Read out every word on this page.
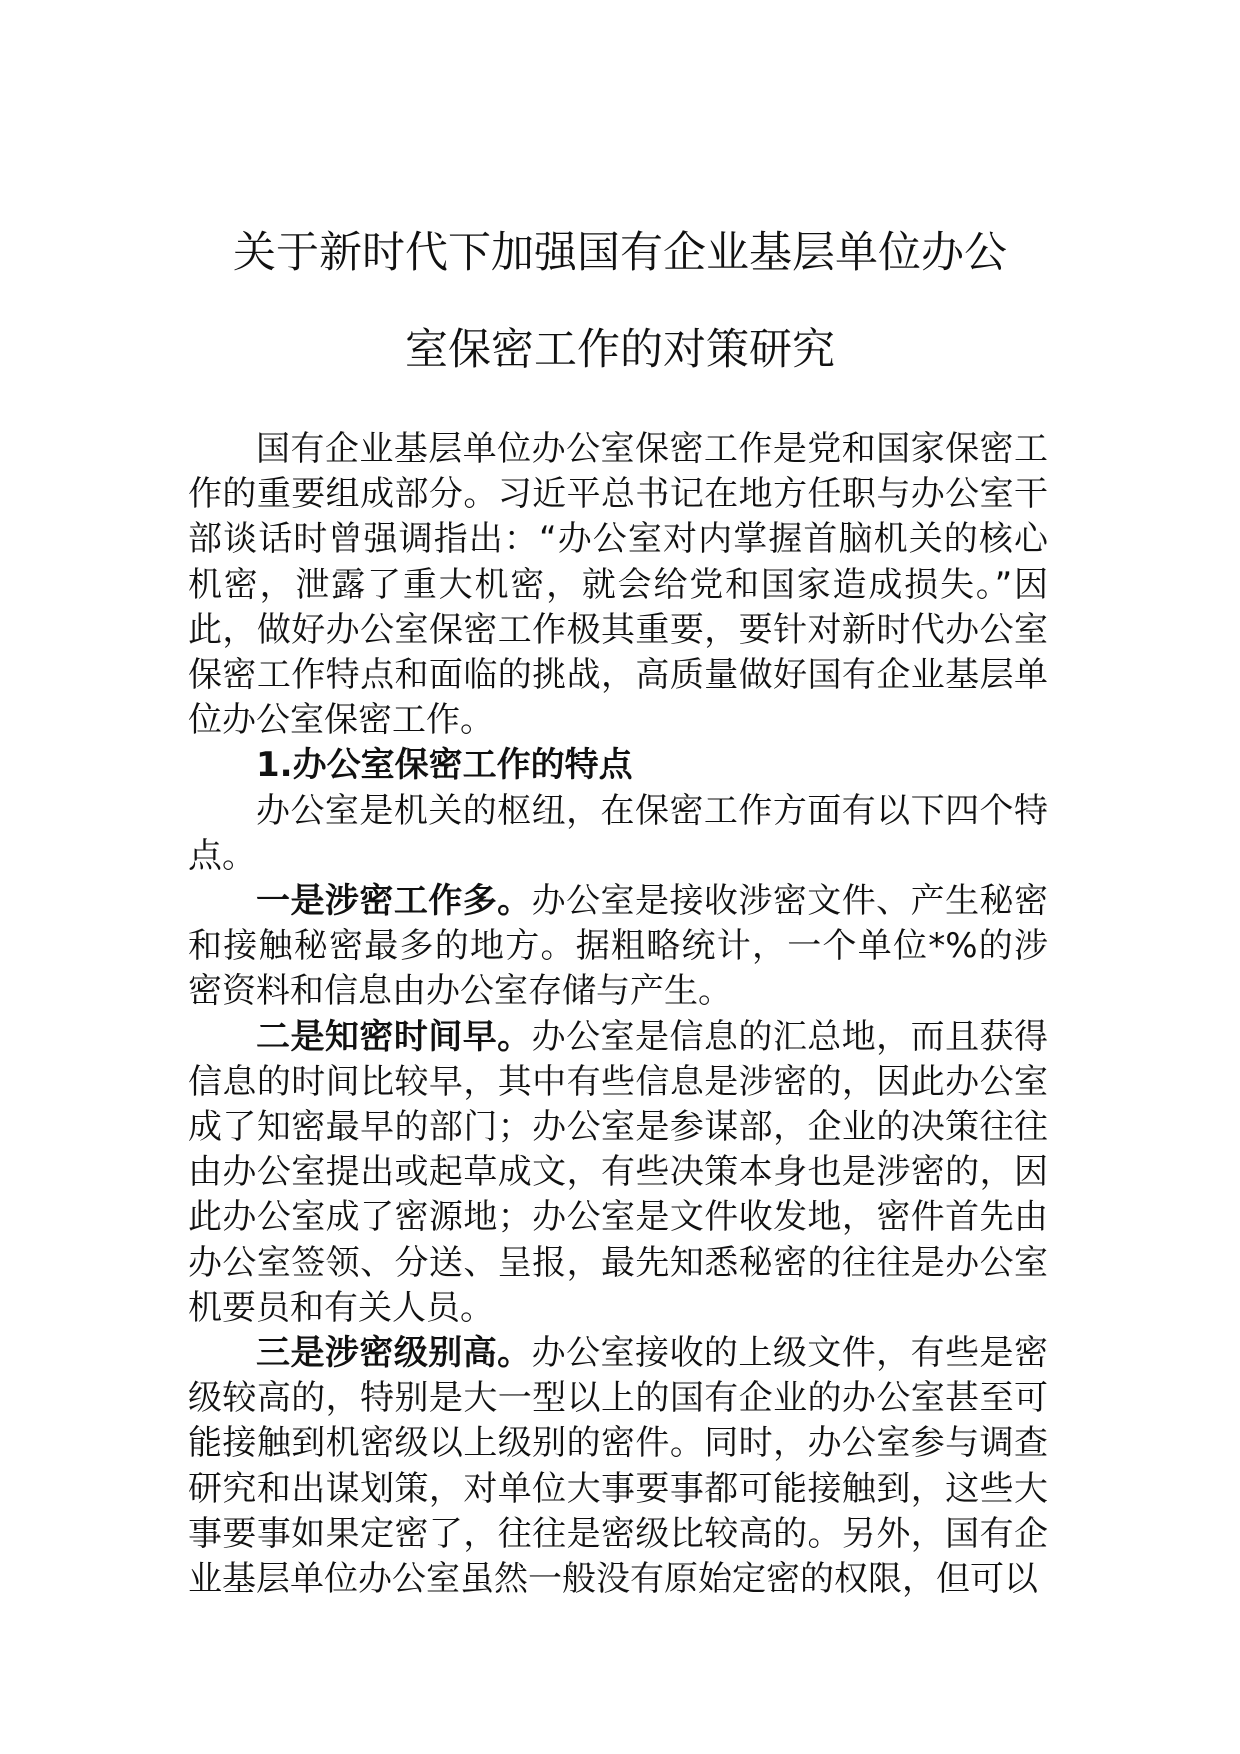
关于新时代下加强国有企业基层单位办公
室保密工作的对策研究

国有企业基层单位办公室保密工作是党和国家保密工作的重要组成部分。习近平总书记在地方任职与办公室干部谈话时曾强调指出：“办公室对内掌握首脑机关的核心机密，泄露了重大机密，就会给党和国家造成损失。”因此，做好办公室保密工作极其重要，要针对新时代办公室保密工作特点和面临的挑战，高质量做好国有企业基层单位办公室保密工作。

1.办公室保密工作的特点

办公室是机关的枢纽，在保密工作方面有以下四个特点。

一是涉密工作多。办公室是接收涉密文件、产生秘密和接触秘密最多的地方。据粗略统计，一个单位*%的涉密资料和信息由办公室存储与产生。

二是知密时间早。办公室是信息的汇总地，而且获得信息的时间比较早，其中有些信息是涉密的，因此办公室成了知密最早的部门；办公室是参谋部，企业的决策往往由办公室提出或起草成文，有些决策本身也是涉密的，因此办公室成了密源地；办公室是文件收发地，密件首先由办公室签领、分送、呈报，最先知悉秘密的往往是办公室机要员和有关人员。

三是涉密级别高。办公室接收的上级文件，有些是密级较高的，特别是大一型以上的国有企业的办公室甚至可能接触到机密级以上级别的密件。同时，办公室参与调查研究和出谋划策，对单位大事要事都可能接触到，这些大事要事如果定密了，往往是密级比较高的。另外，国有企业基层单位办公室虽然一般没有原始定密的权限，但可以
